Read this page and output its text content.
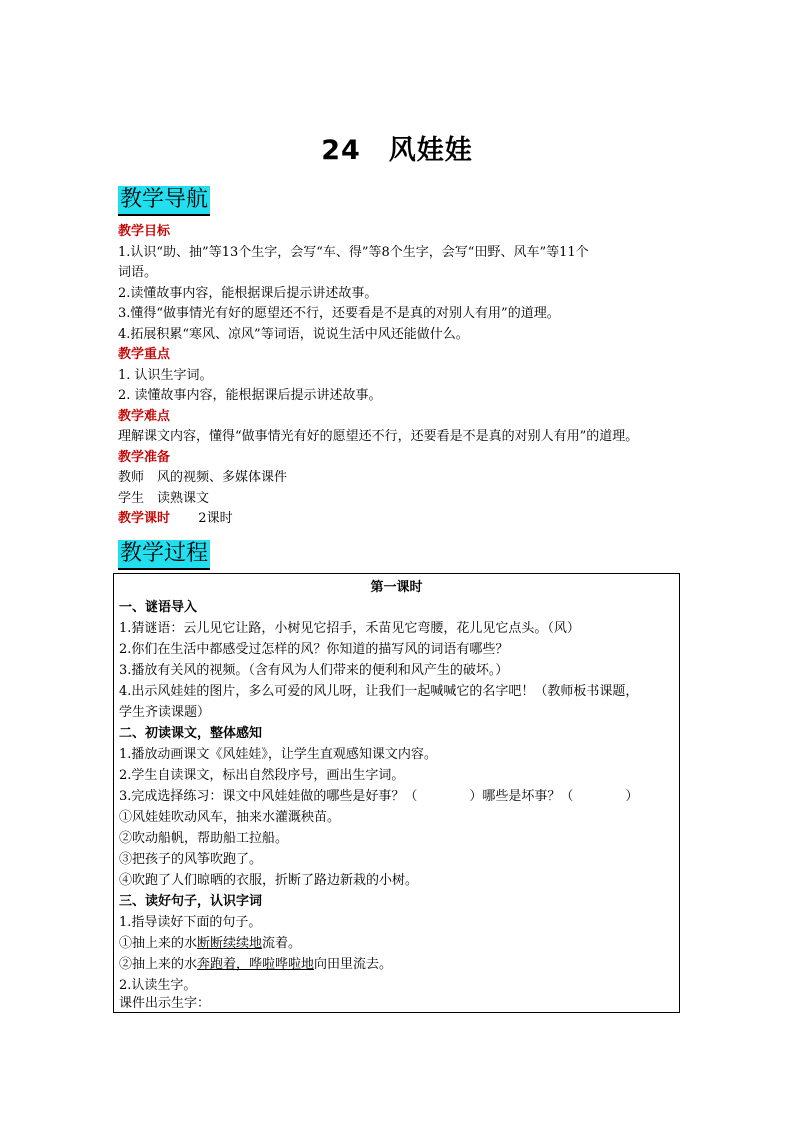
24　风娃娃
教学导航
教学目标
1.认识“助、抽”等13个生字，会写“车、得”等8个生字，会写“田野、风车”等11个
词语。
2.读懂故事内容，能根据课后提示讲述故事。
3.懂得“做事情光有好的愿望还不行，还要看是不是真的对别人有用”的道理。
4.拓展积累“寒风、凉风”等词语，说说生活中风还能做什么。
教学重点
1. 认识生字词。
2. 读懂故事内容，能根据课后提示讲述故事。
教学难点
理解课文内容，懂得“做事情光有好的愿望还不行，还要看是不是真的对别人有用”的道理。
教学准备
教师　风的视频、多媒体课件
学生　读熟课文
教学课时 2课时
教学过程
第一课时
一、谜语导入
1.猜谜语：云儿见它让路，小树见它招手，禾苗见它弯腰，花儿见它点头。（风）
2.你们在生活中都感受过怎样的风？你知道的描写风的词语有哪些？
3.播放有关风的视频。（含有风为人们带来的便利和风产生的破坏。）
4.出示风娃娃的图片，多么可爱的风儿呀，让我们一起喊喊它的名字吧！（教师板书课题，
学生齐读课题）
二、初读课文，整体感知
1.播放动画课文《风娃娃》，让学生直观感知课文内容。
2.学生自读课文，标出自然段序号，画出生字词。
3.完成选择练习：课文中风娃娃做的哪些是好事？（　　　　）哪些是坏事？（　　　　）
①风娃娃吹动风车，抽来水灌溉秧苗。
②吹动船帆，帮助船工拉船。
③把孩子的风筝吹跑了。
④吹跑了人们晾晒的衣服，折断了路边新栽的小树。
三、读好句子，认识字词
1.指导读好下面的句子。
①抽上来的水断断续续地流着。
②抽上来的水奔跑着，哗啦哗啦地向田里流去。
2.认读生字。
课件出示生字：
